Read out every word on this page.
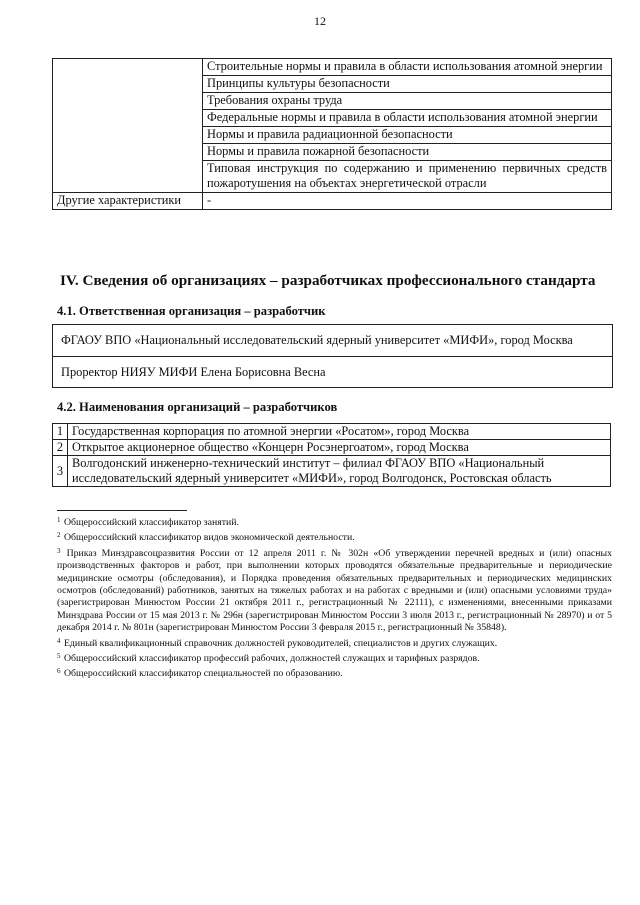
12
	Строительные нормы и правила в области использования атомной энергии
	Принципы культуры безопасности
	Требования охраны труда
	Федеральные нормы и правила в области использования атомной энергии
	Нормы и правила радиационной безопасности
	Нормы и правила пожарной безопасности
	Типовая инструкция по содержанию и применению первичных средств пожаротушения на объектах энергетической отрасли
Другие характеристики	-
IV. Сведения об организациях – разработчиках профессионального стандарта
4.1. Ответственная организация – разработчик
ФГАОУ ВПО «Национальный исследовательский ядерный университет «МИФИ», город Москва
Проректор НИЯУ МИФИ Елена Борисовна Весна
4.2. Наименования организаций – разработчиков
1	Государственная корпорация по атомной энергии «Росатом», город Москва
2	Открытое акционерное общество «Концерн Росэнергоатом», город Москва
3	Волгодонский инженерно-технический институт – филиал ФГАОУ ВПО «Национальный исследовательский ядерный университет «МИФИ», город Волгодонск, Ростовская область

$^1$ Общероссийский классификатор занятий.

$^2$ Общероссийский классификатор видов экономической деятельности.

$^3$ Приказ Минздравсоцразвития России от 12 апреля 2011 г. № 302н «Об утверждении перечней вредных и (или) опасных производственных факторов и работ, при выполнении которых проводятся обязательные предварительные и периодические медицинские осмотры (обследования), и Порядка проведения обязательных предварительных и периодических медицинских осмотров (обследований) работников, занятых на тяжелых работах и на работах с вредными и (или) опасными условиями труда» (зарегистрирован Минюстом России 21 октября 2011 г., регистрационный № 22111), с изменениями, внесенными приказами Минздрава России от 15 мая 2013 г. № 296н (зарегистрирован Минюстом России 3 июля 2013 г., регистрационный № 28970) и от 5 декабря 2014 г. № 801н (зарегистрирован Минюстом России 3 февраля 2015 г., регистрационный № 35848).

$^4$ Единый квалификационный справочник должностей руководителей, специалистов и других служащих.

$^5$ Общероссийский классификатор профессий рабочих, должностей служащих и тарифных разрядов.

$^6$ Общероссийский классификатор специальностей по образованию.
